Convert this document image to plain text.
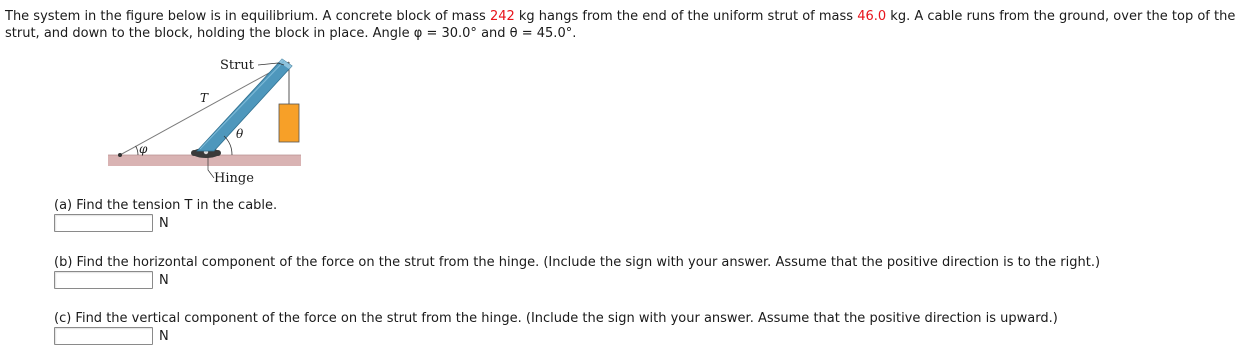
The system in the figure below is in equilibrium. A concrete block of mass 242 kg hangs from the end of the uniform strut of mass 46.0 kg. A cable runs from the ground, over the top of the
strut, and down to the block, holding the block in place. Angle φ = 30.0° and θ = 45.0°.
φ
θ
Strut
T
Hinge
(a) Find the tension T in the cable.
N
(b) Find the horizontal component of the force on the strut from the hinge. (Include the sign with your answer. Assume that the positive direction is to the right.)
N
(c) Find the vertical component of the force on the strut from the hinge. (Include the sign with your answer. Assume that the positive direction is upward.)
N
